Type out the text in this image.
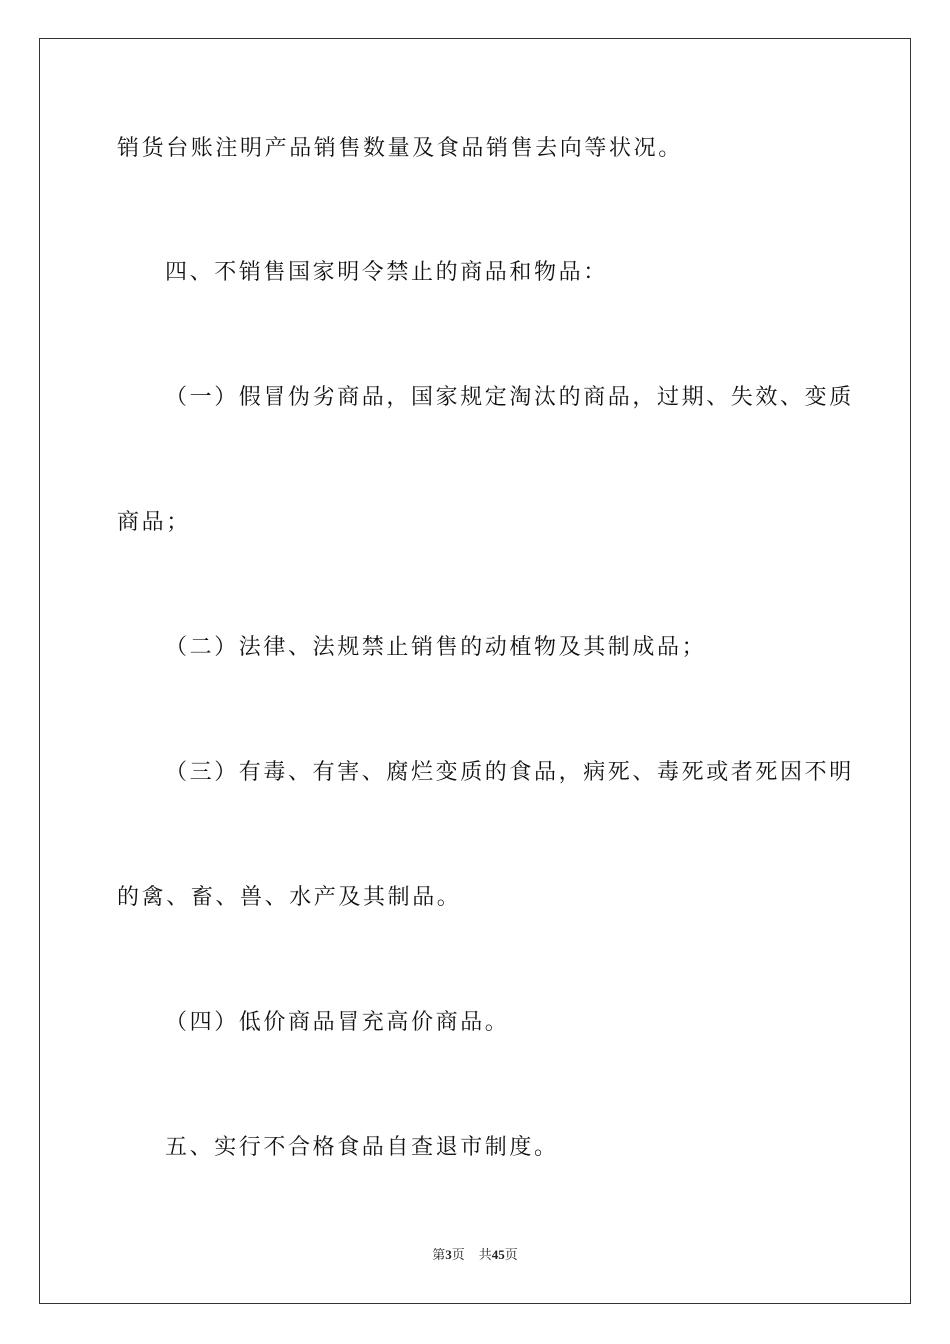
销货台账注明产品销售数量及食品销售去向等状况。
四、不销售国家明令禁止的商品和物品：
（一）假冒伪劣商品，国家规定淘汰的商品，过期、失效、变质
商品；
（二）法律、法规禁止销售的动植物及其制成品；
（三）有毒、有害、腐烂变质的食品，病死、毒死或者死因不明
的禽、畜、兽、水产及其制品。
（四）低价商品冒充高价商品。
五、实行不合格食品自查退市制度。
第3页 共45页
